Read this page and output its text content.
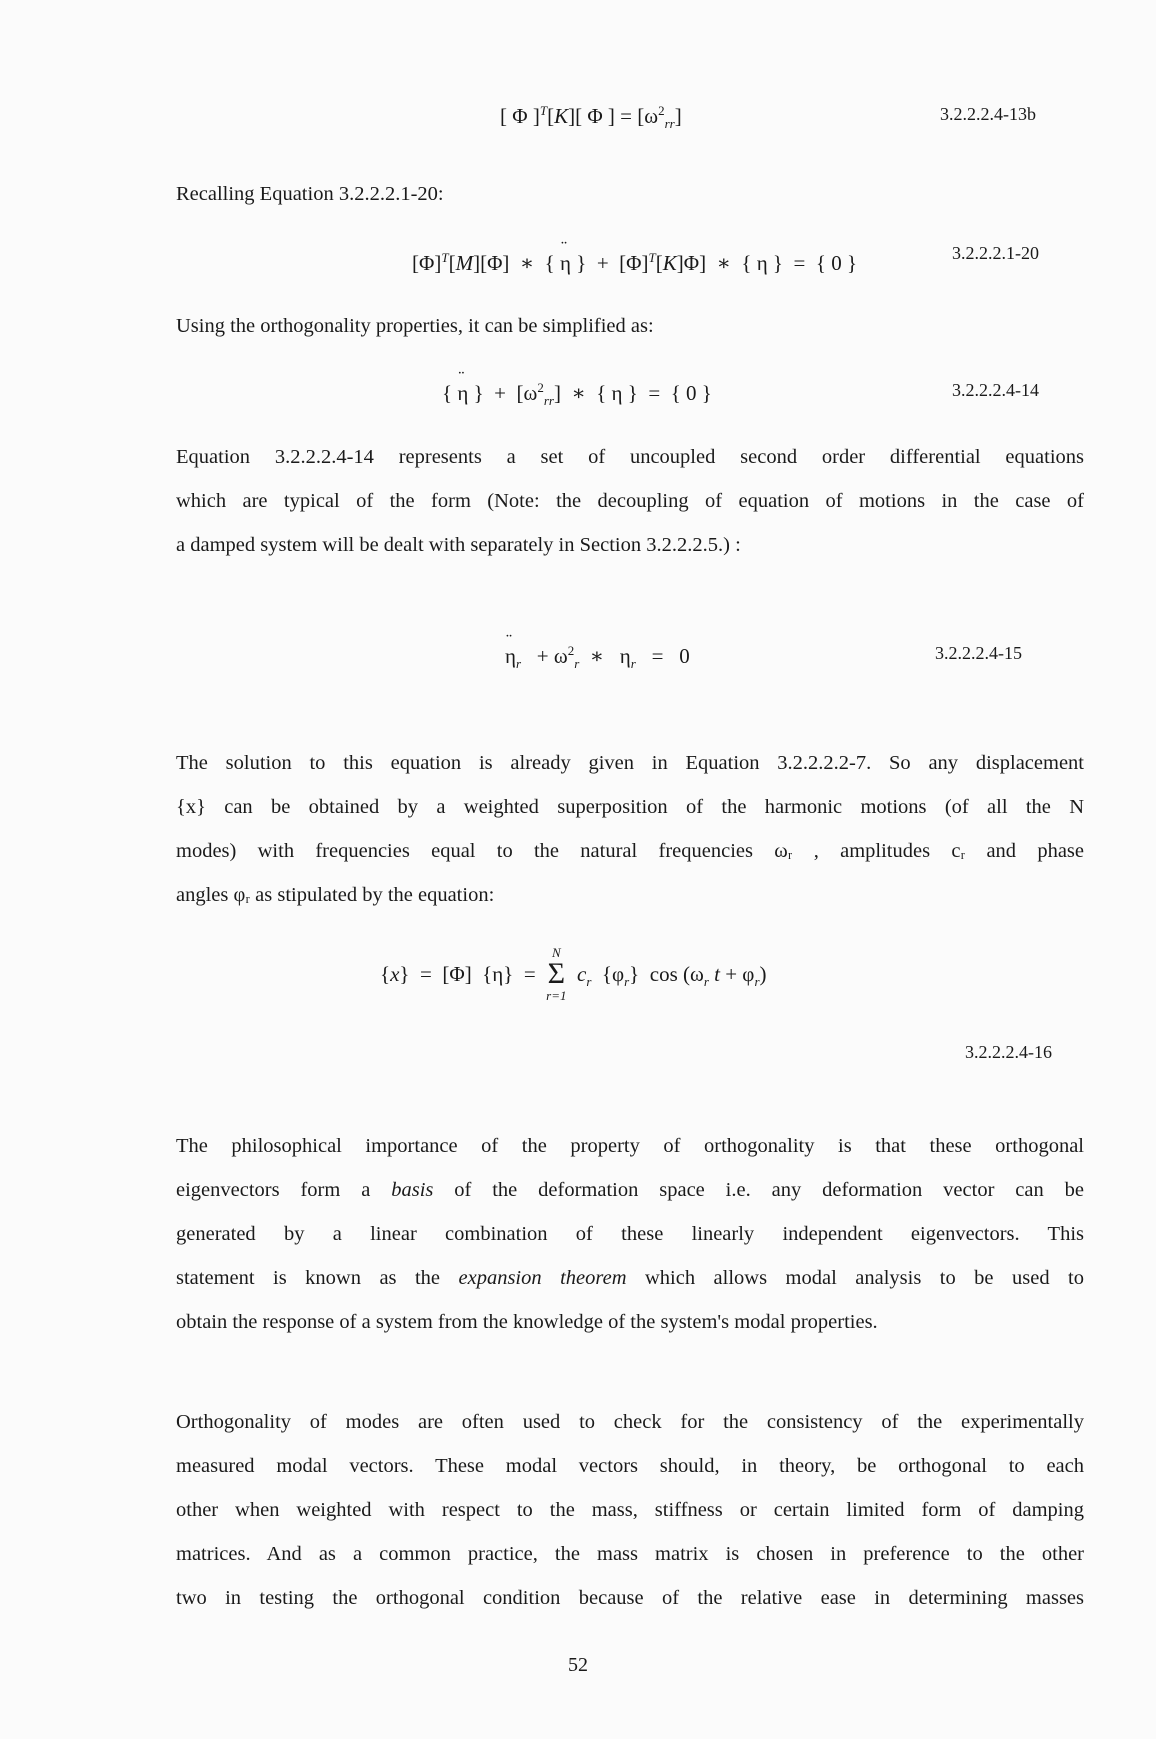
[ Φ ]$^T$[K][ Φ ] = $[\omega^2_{rr}]$	3.2.2.2.4-13b
Recalling Equation 3.2.2.2.1-20:
$[\Phi]^T[M][\Phi]$  ∗  { ¨ η }  +  $[\Phi]^T[K]\Phi$]  ∗  { η }  =  { 0 }	3.2.2.2.1-20
Using the orthogonality properties, it can be simplified as:
{ ¨ η }  +  $[\omega^2_{rr}]$  ∗  { η }  =  { 0 }	3.2.2.2.4-14
Equation 3.2.2.2.4-14 represents a set of uncoupled second order differential equations
which are typical of the form (Note: the decoupling of equation of motions in the case of
a damped system will be dealt with separately in Section 3.2.2.2.5.) :
¨ $\eta_r + \omega^2_r$  ∗   $\eta_r = 0$	3.2.2.2.4-15
The solution to this equation is already given in Equation 3.2.2.2.2-7. So any displacement
{x} can be obtained by a weighted superposition of the harmonic motions (of all the N
modes) with frequencies equal to the natural frequencies ωᵣ , amplitudes cᵣ and phase
angles φᵣ as stipulated by the equation:
{x}  =  [Φ]  {η}  =
N
Σ
r=1
$c_r$  $\{\varphi_r\}$  $\cos (\omega_r$ $t + \varphi_r$)
3.2.2.2.4-16
The philosophical importance of the property of orthogonality is that these orthogonal
eigenvectors form a basis of the deformation space i.e. any deformation vector can be
generated by a linear combination of these linearly independent eigenvectors. This
statement is known as the expansion theorem which allows modal analysis to be used to
obtain the response of a system from the knowledge of the system's modal properties.
Orthogonality of modes are often used to check for the consistency of the experimentally
measured modal vectors. These modal vectors should, in theory, be orthogonal to each
other when weighted with respect to the mass, stiffness or certain limited form of damping
matrices. And as a common practice, the mass matrix is chosen in preference to the other
two in testing the orthogonal condition because of the relative ease in determining masses
52
